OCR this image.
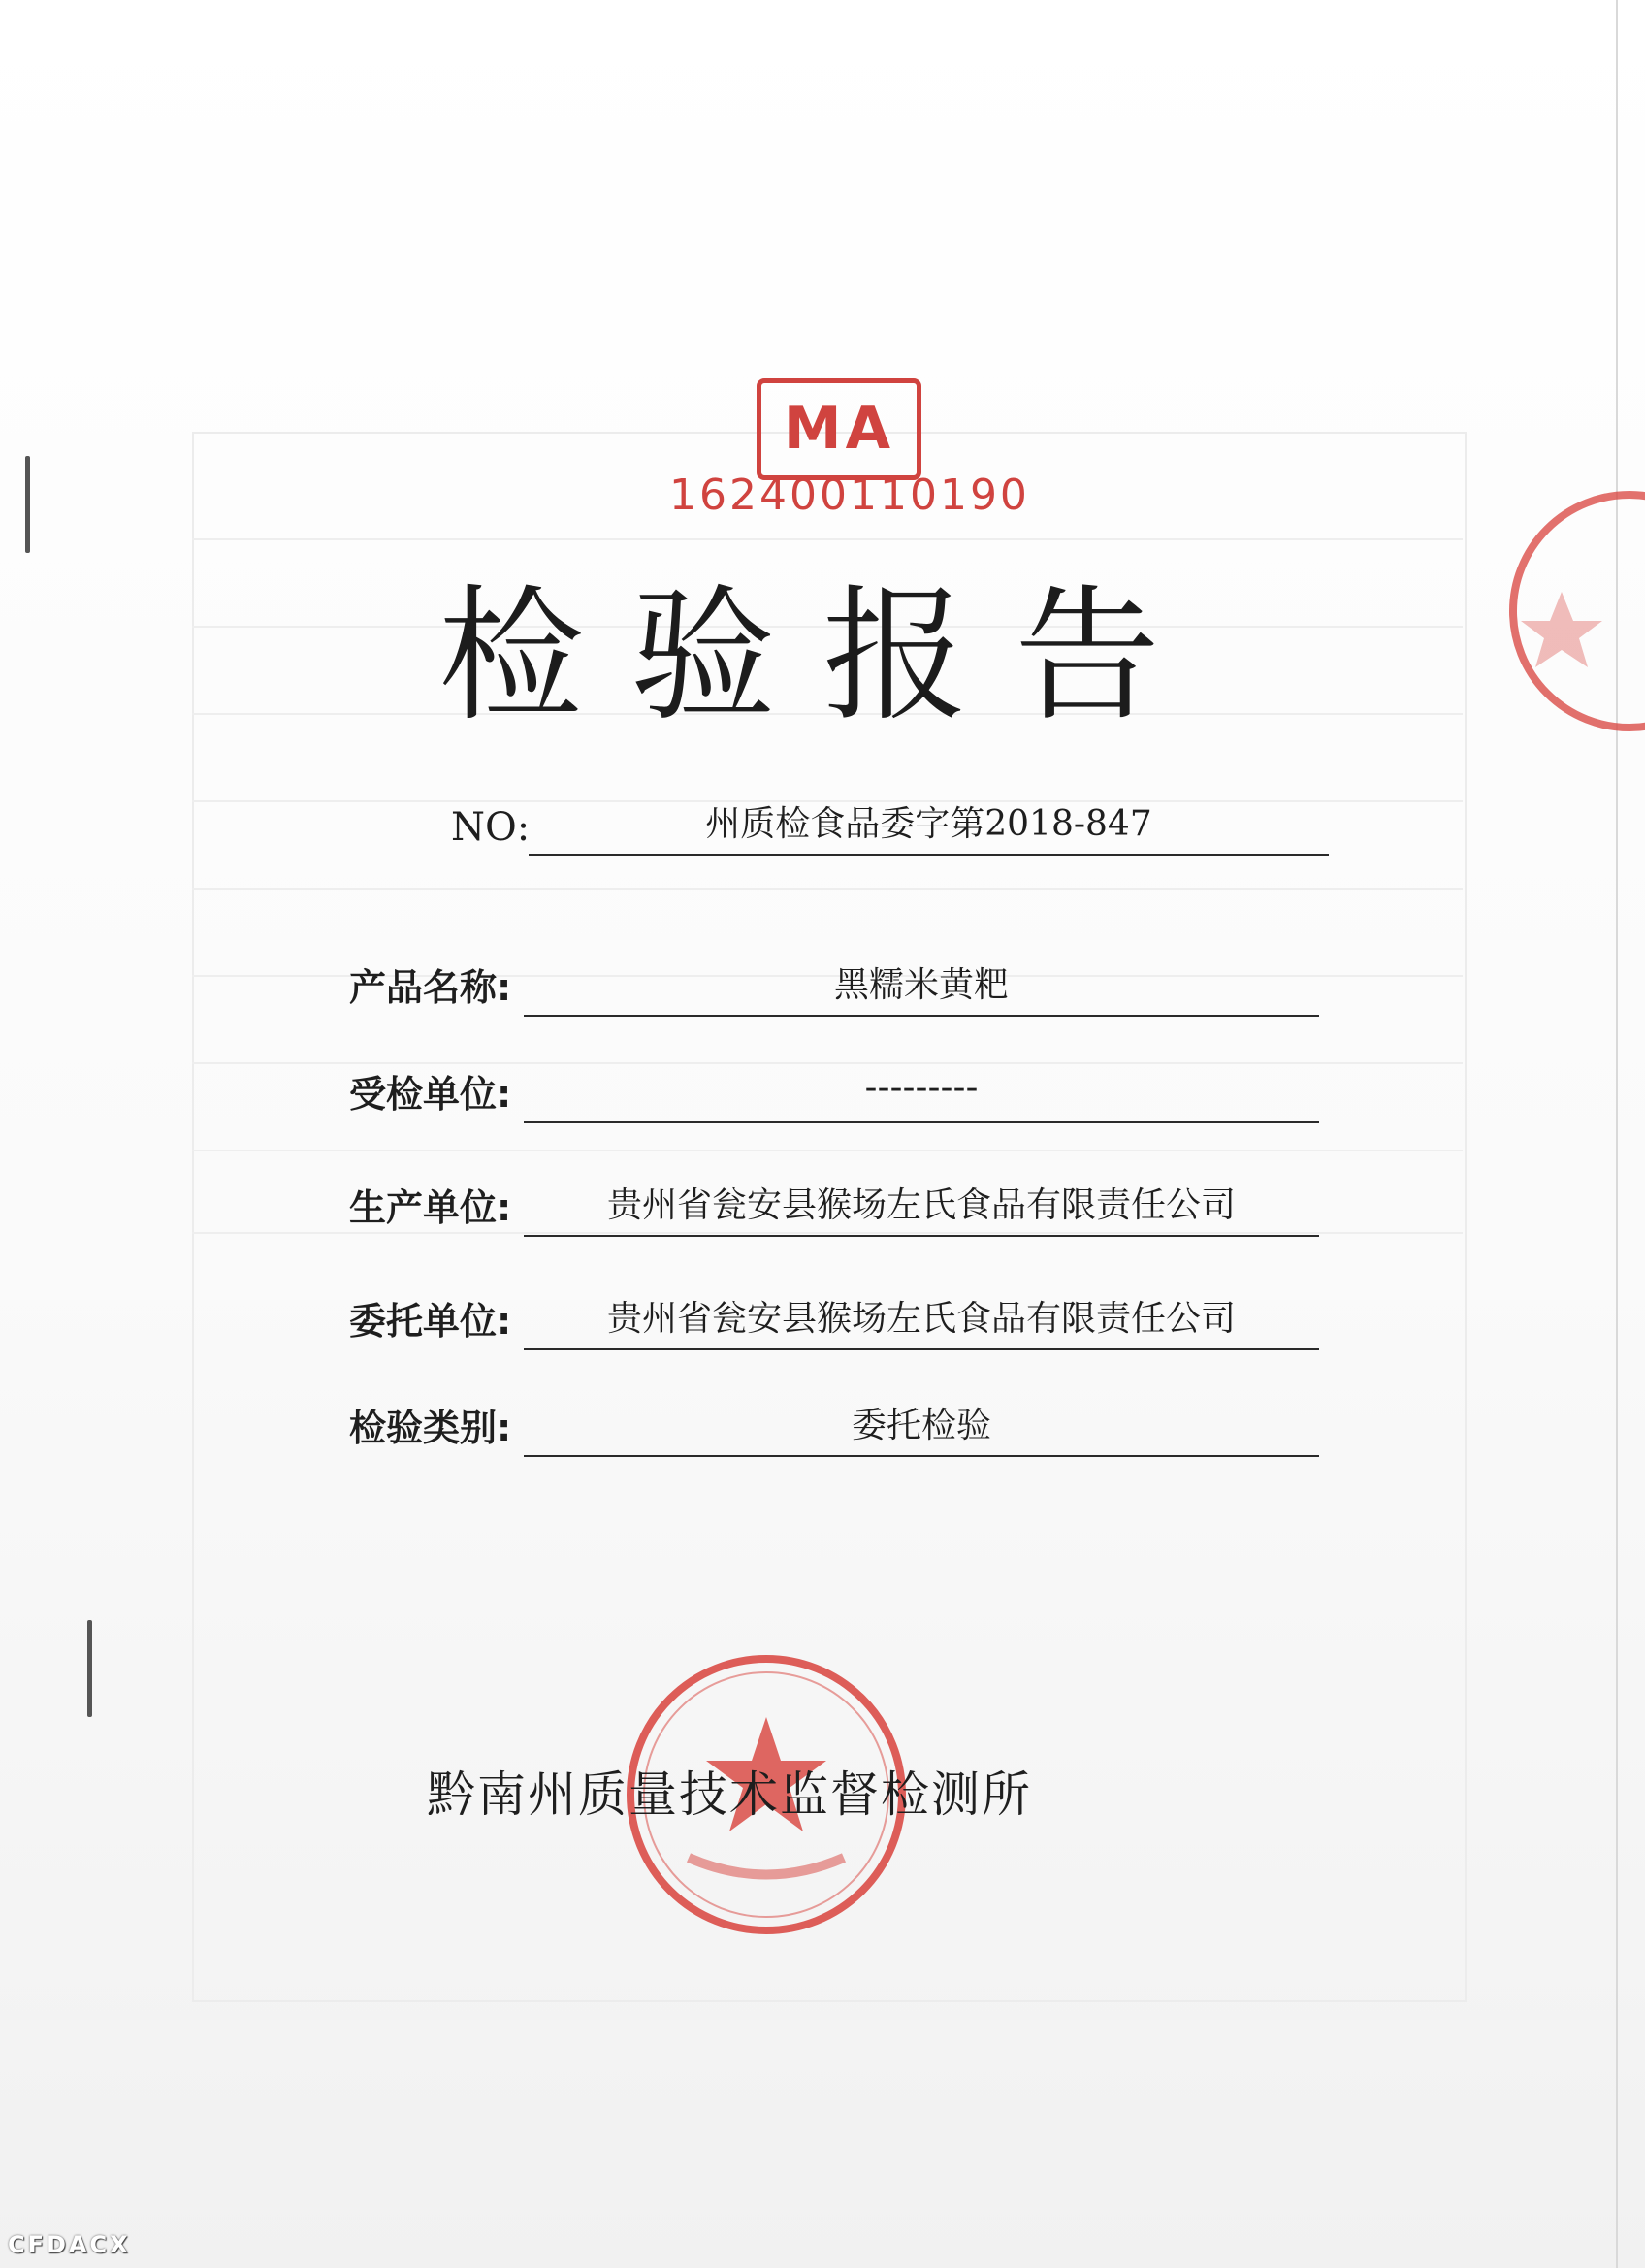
MA
162400110190
检验报告
NO:	州质检食品委字第2018-847
产品名称:	黑糯米黄粑
受检单位:	---------
生产单位:	贵州省瓮安县猴场左氏食品有限责任公司
委托单位:	贵州省瓮安县猴场左氏食品有限责任公司
检验类别:	委托检验
黔南州质量技术监督检测所
CFDACX
